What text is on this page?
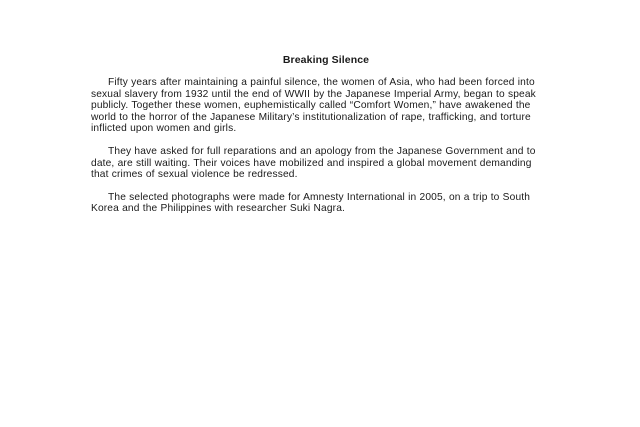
Breaking Silence

Fifty years after maintaining a painful silence, the women of Asia, who had been forced into sexual slavery from 1932 until the end of WWII by the Japanese Imperial Army, began to speak publicly. Together these women, euphemistically called “Comfort Women,” have awakened the world to the horror of the Japanese Military’s institutionalization of rape, trafficking, and torture inflicted upon women and girls.

They have asked for full reparations and an apology from the Japanese Government and to date, are still waiting. Their voices have mobilized and inspired a global movement demanding that crimes of sexual violence be redressed.

The selected photographs were made for Amnesty International in 2005, on a trip to South Korea and the Philippines with researcher Suki Nagra.
